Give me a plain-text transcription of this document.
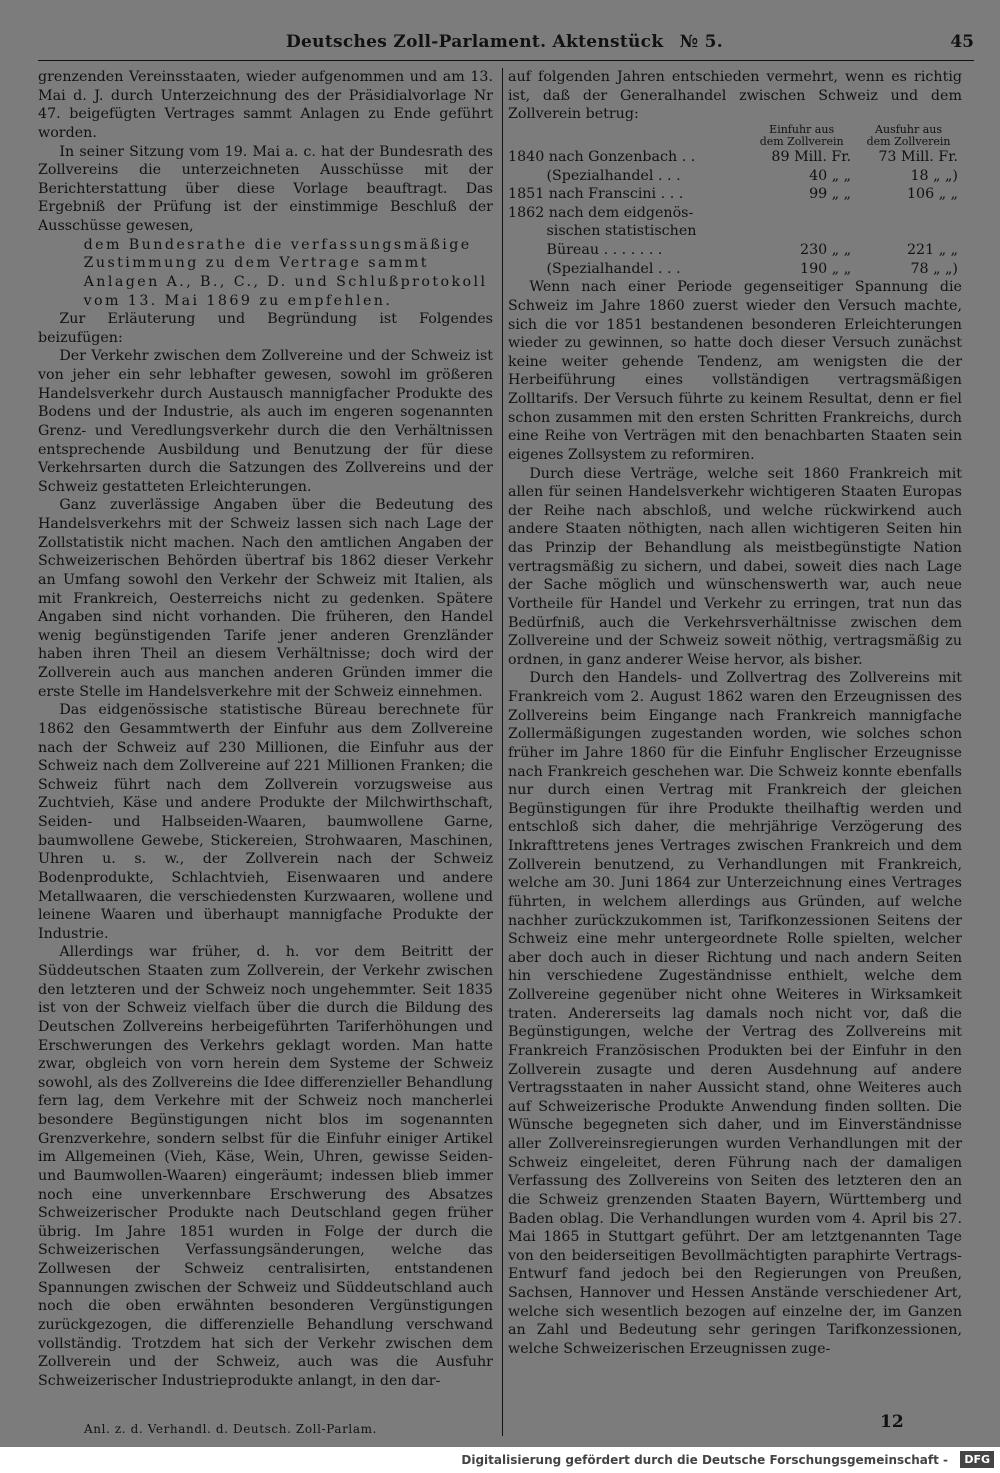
Deutsches Zoll-Parlament. Aktenstück № 5.	45

grenzenden Vereinsstaaten, wieder aufgenommen und am 13. Mai d. J. durch Unterzeichnung des der Präsidialvorlage Nr 47. beigefügten Vertrages sammt Anlagen zu Ende geführt worden.

In seiner Sitzung vom 19. Mai a. c. hat der Bundesrath des Zollvereins die unterzeichneten Ausschüsse mit der Berichterstattung über diese Vorlage beauftragt. Das Ergebniß der Prüfung ist der einstimmige Beschluß der Ausschüsse gewesen,

dem Bundesrathe die verfassungsmäßige Zustimmung zu dem Vertrage sammt Anlagen A., B., C., D. und Schlußprotokoll vom 13. Mai 1869 zu empfehlen.

Zur Erläuterung und Begründung ist Folgendes beizufügen:

Der Verkehr zwischen dem Zollvereine und der Schweiz ist von jeher ein sehr lebhafter gewesen, sowohl im größeren Handelsverkehr durch Austausch mannigfacher Produkte des Bodens und der Industrie, als auch im engeren sogenannten Grenz- und Veredlungsverkehr durch die den Verhältnissen entsprechende Ausbildung und Benutzung der für diese Verkehrsarten durch die Satzungen des Zollvereins und der Schweiz gestatteten Erleichterungen.

Ganz zuverlässige Angaben über die Bedeutung des Handelsverkehrs mit der Schweiz lassen sich nach Lage der Zollstatistik nicht machen. Nach den amtlichen Angaben der Schweizerischen Behörden übertraf bis 1862 dieser Verkehr an Umfang sowohl den Verkehr der Schweiz mit Italien, als mit Frankreich, Oesterreichs nicht zu gedenken. Spätere Angaben sind nicht vorhanden. Die früheren, den Handel wenig begünstigenden Tarife jener anderen Grenzländer haben ihren Theil an diesem Verhältnisse; doch wird der Zollverein auch aus manchen anderen Gründen immer die erste Stelle im Handelsverkehre mit der Schweiz einnehmen.

Das eidgenössische statistische Büreau berechnete für 1862 den Gesammtwerth der Einfuhr aus dem Zollvereine nach der Schweiz auf 230 Millionen, die Einfuhr aus der Schweiz nach dem Zollvereine auf 221 Millionen Franken; die Schweiz führt nach dem Zollverein vorzugsweise aus Zuchtvieh, Käse und andere Produkte der Milchwirthschaft, Seiden- und Halbseiden-Waaren, baumwollene Garne, baumwollene Gewebe, Stickereien, Strohwaaren, Maschinen, Uhren u. s. w., der Zollverein nach der Schweiz Bodenprodukte, Schlachtvieh, Eisenwaaren und andere Metallwaaren, die verschiedensten Kurzwaaren, wollene und leinene Waaren und überhaupt mannigfache Produkte der Industrie.

Allerdings war früher, d. h. vor dem Beitritt der Süddeutschen Staaten zum Zollverein, der Verkehr zwischen den letzteren und der Schweiz noch ungehemmter. Seit 1835 ist von der Schweiz vielfach über die durch die Bildung des Deutschen Zollvereins herbeigeführten Tariferhöhungen und Erschwerungen des Verkehrs geklagt worden. Man hatte zwar, obgleich von vorn herein dem Systeme der Schweiz sowohl, als des Zollvereins die Idee differenzieller Behandlung fern lag, dem Verkehre mit der Schweiz noch mancherlei besondere Begünstigungen nicht blos im sogenannten Grenzverkehre, sondern selbst für die Einfuhr einiger Artikel im Allgemeinen (Vieh, Käse, Wein, Uhren, gewisse Seiden- und Baumwollen-Waaren) eingeräumt; indessen blieb immer noch eine unverkennbare Erschwerung des Absatzes Schweizerischer Produkte nach Deutschland gegen früher übrig. Im Jahre 1851 wurden in Folge der durch die Schweizerischen Verfassungsänderungen, welche das Zollwesen der Schweiz centralisirten, entstandenen Spannungen zwischen der Schweiz und Süddeutschland auch noch die oben erwähnten besonderen Vergünstigungen zurückgezogen, die differenzielle Behandlung verschwand vollständig. Trotzdem hat sich der Verkehr zwischen dem Zollverein und der Schweiz, auch was die Ausfuhr Schweizerischer Industrieprodukte anlangt, in den dar-

auf folgenden Jahren entschieden vermehrt, wenn es richtig ist, daß der Generalhandel zwischen Schweiz und dem Zollverein betrug:

	Einfuhr aus
dem Zollverein	Ausfuhr aus
dem Zollverein
1840 nach Gonzenbach . .	89 Mill. Fr.	73 Mill. Fr.
(Spezialhandel . . .	40 „ „	18 „ „)
1851 nach Franscini . . .	99 „ „	106 „ „
1862 nach dem eidgenös-		
sischen statistischen		
Büreau . . . . . . .	230 „ „	221 „ „
(Spezialhandel . . .	190 „ „	78 „ „)

Wenn nach einer Periode gegenseitiger Spannung die Schweiz im Jahre 1860 zuerst wieder den Versuch machte, sich die vor 1851 bestandenen besonderen Erleichterungen wieder zu gewinnen, so hatte doch dieser Versuch zunächst keine weiter gehende Tendenz, am wenigsten die der Herbeiführung eines vollständigen vertragsmäßigen Zolltarifs. Der Versuch führte zu keinem Resultat, denn er fiel schon zusammen mit den ersten Schritten Frankreichs, durch eine Reihe von Verträgen mit den benachbarten Staaten sein eigenes Zollsystem zu reformiren.

Durch diese Verträge, welche seit 1860 Frankreich mit allen für seinen Handelsverkehr wichtigeren Staaten Europas der Reihe nach abschloß, und welche rückwirkend auch andere Staaten nöthigten, nach allen wichtigeren Seiten hin das Prinzip der Behandlung als meistbegünstigte Nation vertragsmäßig zu sichern, und dabei, soweit dies nach Lage der Sache möglich und wünschenswerth war, auch neue Vortheile für Handel und Verkehr zu erringen, trat nun das Bedürfniß, auch die Verkehrsverhältnisse zwischen dem Zollvereine und der Schweiz soweit nöthig, vertragsmäßig zu ordnen, in ganz anderer Weise hervor, als bisher.

Durch den Handels- und Zollvertrag des Zollvereins mit Frankreich vom 2. August 1862 waren den Erzeugnissen des Zollvereins beim Eingange nach Frankreich mannigfache Zollermäßigungen zugestanden worden, wie solches schon früher im Jahre 1860 für die Einfuhr Englischer Erzeugnisse nach Frankreich geschehen war. Die Schweiz konnte ebenfalls nur durch einen Vertrag mit Frankreich der gleichen Begünstigungen für ihre Produkte theilhaftig werden und entschloß sich daher, die mehrjährige Verzögerung des Inkrafttretens jenes Vertrages zwischen Frankreich und dem Zollverein benutzend, zu Verhandlungen mit Frankreich, welche am 30. Juni 1864 zur Unterzeichnung eines Vertrages führten, in welchem allerdings aus Gründen, auf welche nachher zurückzukommen ist, Tarifkonzessionen Seitens der Schweiz eine mehr untergeordnete Rolle spielten, welcher aber doch auch in dieser Richtung und nach andern Seiten hin verschiedene Zugeständnisse enthielt, welche dem Zollvereine gegenüber nicht ohne Weiteres in Wirksamkeit traten. Andererseits lag damals noch nicht vor, daß die Begünstigungen, welche der Vertrag des Zollvereins mit Frankreich Französischen Produkten bei der Einfuhr in den Zollverein zusagte und deren Ausdehnung auf andere Vertragsstaaten in naher Aussicht stand, ohne Weiteres auch auf Schweizerische Produkte Anwendung finden sollten. Die Wünsche begegneten sich daher, und im Einverständnisse aller Zollvereinsregierungen wurden Verhandlungen mit der Schweiz eingeleitet, deren Führung nach der damaligen Verfassung des Zollvereins von Seiten des letzteren den an die Schweiz grenzenden Staaten Bayern, Württemberg und Baden oblag. Die Verhandlungen wurden vom 4. April bis 27. Mai 1865 in Stuttgart geführt. Der am letztgenannten Tage von den beiderseitigen Bevollmächtigten paraphirte Vertrags-Entwurf fand jedoch bei den Regierungen von Preußen, Sachsen, Hannover und Hessen Anstände verschiedener Art, welche sich wesentlich bezogen auf einzelne der, im Ganzen an Zahl und Bedeutung sehr geringen Tarifkonzessionen, welche Schweizerischen Erzeugnissen zuge-

12
Anl. z. d. Verhandl. d. Deutsch. Zoll-Parlam.
Digitalisierung gefördert durch die Deutsche Forschungsgemeinschaft -	DFG
